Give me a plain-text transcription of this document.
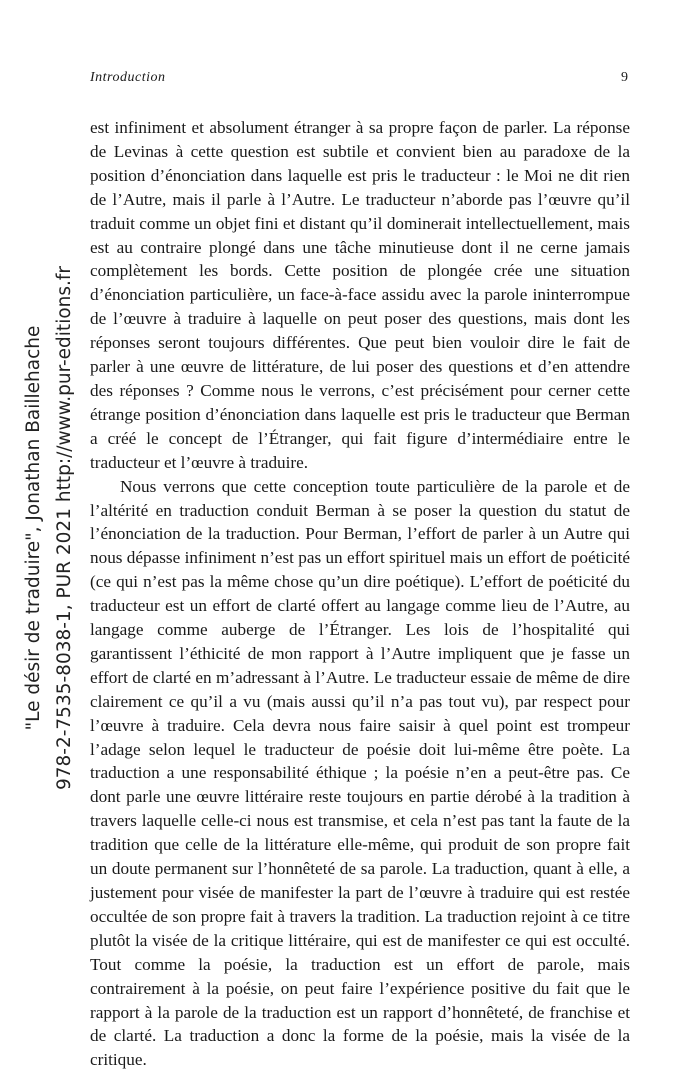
Introduction	9

est infiniment et absolument étranger à sa propre façon de parler. La réponse de Levinas à cette question est subtile et convient bien au paradoxe de la position d’énonciation dans laquelle est pris le traducteur : le Moi ne dit rien de l’Autre, mais il parle à l’Autre. Le traducteur n’aborde pas l’œuvre qu’il traduit comme un objet fini et distant qu’il dominerait intellectuellement, mais est au contraire plongé dans une tâche minutieuse dont il ne cerne jamais complètement les bords. Cette position de plongée crée une situation d’énonciation particulière, un face-à-face assidu avec la parole ininterrompue de l’œuvre à traduire à laquelle on peut poser des questions, mais dont les réponses seront toujours différentes. Que peut bien vouloir dire le fait de parler à une œuvre de littérature, de lui poser des questions et d’en attendre des réponses ? Comme nous le verrons, c’est précisément pour cerner cette étrange position d’énonciation dans laquelle est pris le traducteur que Berman a créé le concept de l’Étranger, qui fait figure d’intermédiaire entre le traducteur et l’œuvre à traduire.

Nous verrons que cette conception toute particulière de la parole et de l’altérité en traduction conduit Berman à se poser la question du statut de l’énonciation de la traduction. Pour Berman, l’effort de parler à un Autre qui nous dépasse infiniment n’est pas un effort spirituel mais un effort de poéticité (ce qui n’est pas la même chose qu’un dire poétique). L’effort de poéticité du traducteur est un effort de clarté offert au langage comme lieu de l’Autre, au langage comme auberge de l’Étranger. Les lois de l’hospitalité qui garantissent l’éthicité de mon rapport à l’Autre impliquent que je fasse un effort de clarté en m’adressant à l’Autre. Le traducteur essaie de même de dire clairement ce qu’il a vu (mais aussi qu’il n’a pas tout vu), par respect pour l’œuvre à traduire. Cela devra nous faire saisir à quel point est trompeur l’adage selon lequel le traducteur de poésie doit lui-même être poète. La traduction a une responsabilité éthique ; la poésie n’en a peut-être pas. Ce dont parle une œuvre littéraire reste toujours en partie dérobé à la tradition à travers laquelle celle-ci nous est transmise, et cela n’est pas tant la faute de la tradition que celle de la littérature elle-même, qui produit de son propre fait un doute permanent sur l’honnêteté de sa parole. La traduction, quant à elle, a justement pour visée de manifester la part de l’œuvre à traduire qui est restée occultée de son propre fait à travers la tradition. La traduction rejoint à ce titre plutôt la visée de la critique littéraire, qui est de manifester ce qui est occulté. Tout comme la poésie, la traduction est un effort de parole, mais contrairement à la poésie, on peut faire l’expérience positive du fait que le rapport à la parole de la traduction est un rapport d’honnêteté, de franchise et de clarté. La traduction a donc la forme de la poésie, mais la visée de la critique.

"Le désir de traduire", Jonathan Baillehache 978-2-7535-8038-1, PUR 2021 http://www.pur-editions.fr
